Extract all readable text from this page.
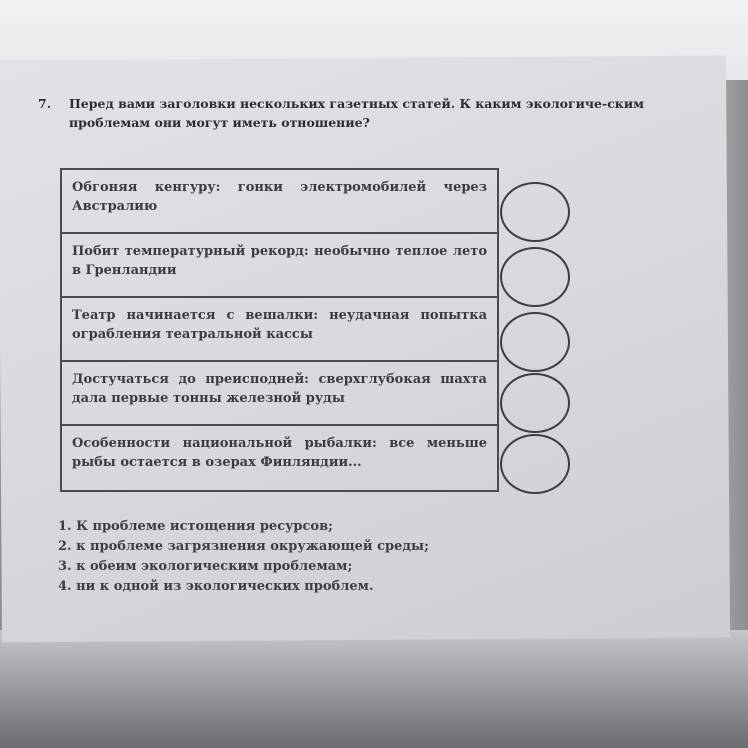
7. Перед вами заголовки нескольких газетных статей. К каким экологиче-ским проблемам они могут иметь отношение?
Обгоняя кенгуру: гонки электромобилей через Австралию
Побит температурный рекорд: необычно теплое лето в Гренландии
Театр начинается с вешалки: неудачная попытка ограбления театральной кассы
Достучаться до преисподней: сверхглубокая шахта дала первые тонны железной руды
Особенности национальной рыбалки: все меньше рыбы остается в озерах Финляндии...
1. К проблеме истощения ресурсов;
2. к проблеме загрязнения окружающей среды;
3. к обеим экологическим проблемам;
4. ни к одной из экологических проблем.
